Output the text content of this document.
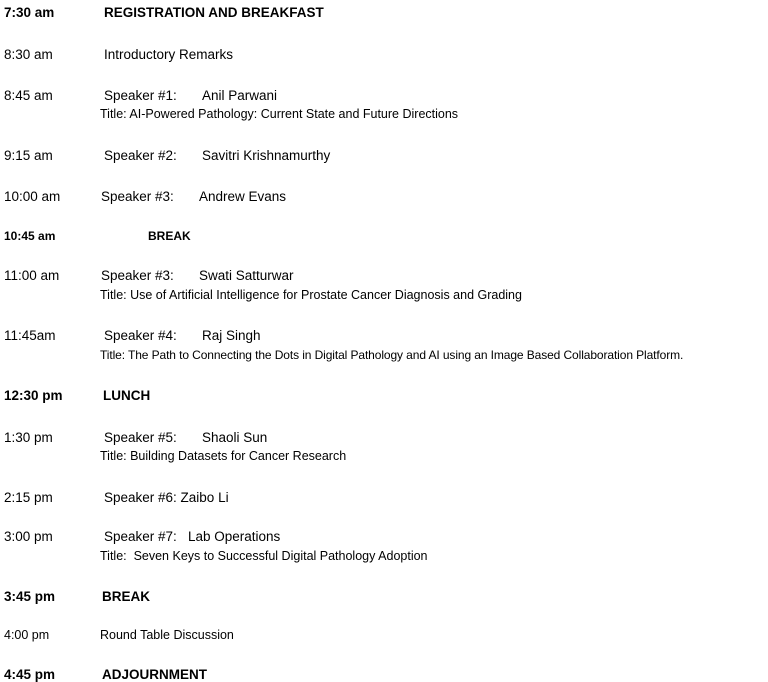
7:30 am	REGISTRATION AND BREAKFAST
8:30 am	Introductory Remarks
8:45 am	Speaker #1: Anil Parwani
Title: AI-Powered Pathology: Current State and Future Directions
9:15 am	Speaker #2: Savitri Krishnamurthy
10:00 am	Speaker #3: Andrew Evans
10:45 am	BREAK
11:00 am	Speaker #3: Swati Satturwar
Title: Use of Artificial Intelligence for Prostate Cancer Diagnosis and Grading
11:45am	Speaker #4: Raj Singh
Title: The Path to Connecting the Dots in Digital Pathology and AI using an Image Based Collaboration Platform.
12:30 pm	LUNCH
1:30 pm	Speaker #5: Shaoli Sun
Title: Building Datasets for Cancer Research
2:15 pm	Speaker #6: Zaibo Li
3:00 pm	Speaker #7: Lab Operations
Title:  Seven Keys to Successful Digital Pathology Adoption
3:45 pm	BREAK
4:00 pm	Round Table Discussion
4:45 pm	ADJOURNMENT
